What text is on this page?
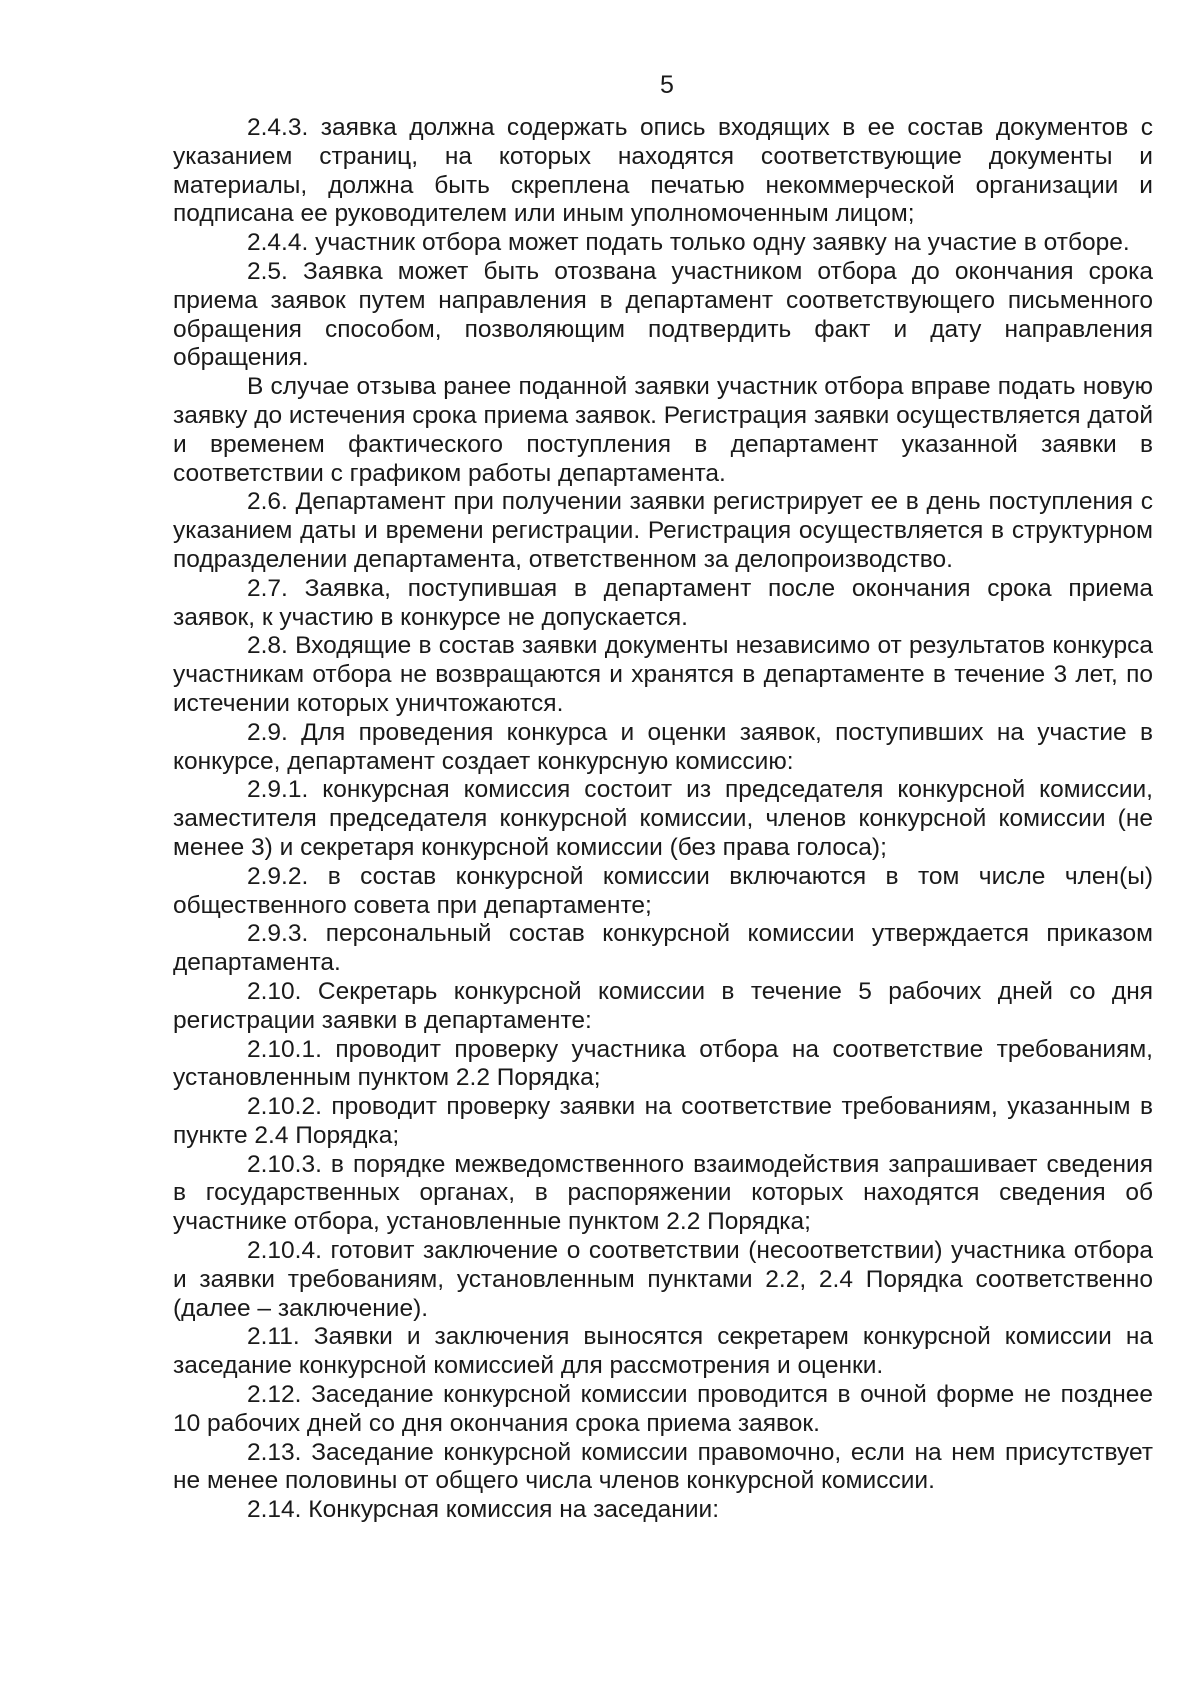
5

2.4.3. заявка должна содержать опись входящих в ее состав документов с указанием страниц, на которых находятся соответствующие документы и материалы, должна быть скреплена печатью некоммерческой организации и подписана ее руководителем или иным уполномоченным лицом;

2.4.4. участник отбора может подать только одну заявку на участие в отборе.

2.5. Заявка может быть отозвана участником отбора до окончания срока приема заявок путем направления в департамент соответствующего письменного обращения способом, позволяющим подтвердить факт и дату направления обращения.

В случае отзыва ранее поданной заявки участник отбора вправе подать новую заявку до истечения срока приема заявок. Регистрация заявки осуществляется датой и временем фактического поступления в департамент указанной заявки в соответствии с графиком работы департамента.

2.6. Департамент при получении заявки регистрирует ее в день поступления с указанием даты и времени регистрации. Регистрация осуществляется в структурном подразделении департамента, ответственном за делопроизводство.

2.7. Заявка, поступившая в департамент после окончания срока приема заявок, к участию в конкурсе не допускается.

2.8. Входящие в состав заявки документы независимо от результатов конкурса участникам отбора не возвращаются и хранятся в департаменте в течение 3 лет, по истечении которых уничтожаются.

2.9. Для проведения конкурса и оценки заявок, поступивших на участие в конкурсе, департамент создает конкурсную комиссию:

2.9.1. конкурсная комиссия состоит из председателя конкурсной комиссии, заместителя председателя конкурсной комиссии, членов конкурсной комиссии (не менее 3) и секретаря конкурсной комиссии (без права голоса);

2.9.2. в состав конкурсной комиссии включаются в том числе член(ы) общественного совета при департаменте;

2.9.3. персональный состав конкурсной комиссии утверждается приказом департамента.

2.10. Секретарь конкурсной комиссии в течение 5 рабочих дней со дня регистрации заявки в департаменте:

2.10.1. проводит проверку участника отбора на соответствие требованиям, установленным пунктом 2.2 Порядка;

2.10.2. проводит проверку заявки на соответствие требованиям, указанным в пункте 2.4 Порядка;

2.10.3. в порядке межведомственного взаимодействия запрашивает сведения в государственных органах, в распоряжении которых находятся сведения об участнике отбора, установленные пунктом 2.2 Порядка;

2.10.4. готовит заключение о соответствии (несоответствии) участника отбора и заявки требованиям, установленным пунктами 2.2, 2.4 Порядка соответственно (далее – заключение).

2.11. Заявки и заключения выносятся секретарем конкурсной комиссии на заседание конкурсной комиссией для рассмотрения и оценки.

2.12. Заседание конкурсной комиссии проводится в очной форме не позднее 10 рабочих дней со дня окончания срока приема заявок.

2.13. Заседание конкурсной комиссии правомочно, если на нем присутствует не менее половины от общего числа членов конкурсной комиссии.

2.14. Конкурсная комиссия на заседании:
